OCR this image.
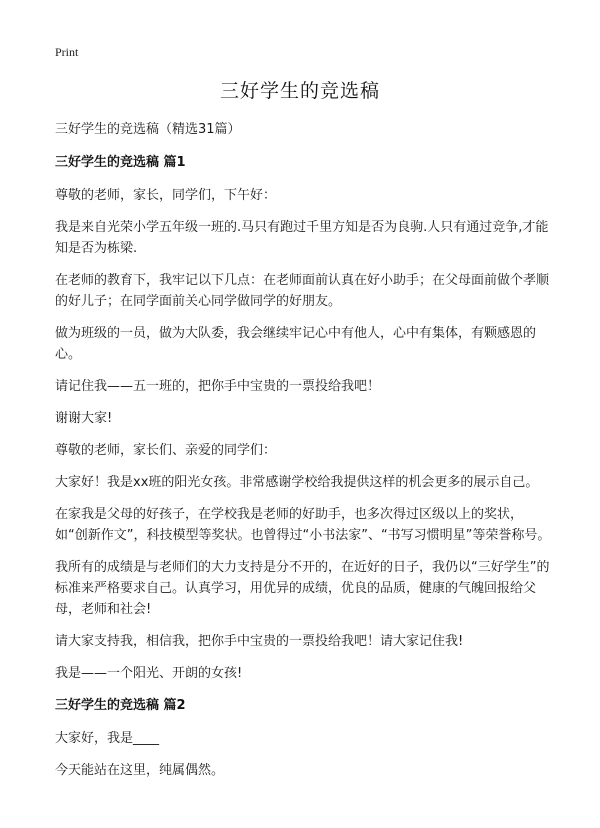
Print
三好学生的竞选稿

三好学生的竞选稿（精选31篇）

三好学生的竞选稿 篇1

尊敬的老师，家长，同学们，下午好：

我是来自光荣小学五年级一班的.马只有跑过千里方知是否为良驹.人只有通过竞争,才能知是否为栋梁.

在老师的教育下，我牢记以下几点：在老师面前认真在好小助手；在父母面前做个孝顺的好儿子；在同学面前关心同学做同学的好朋友。

做为班级的一员，做为大队委，我会继续牢记心中有他人，心中有集体，有颗感恩的心。

请记住我——五一班的，把你手中宝贵的一票投给我吧！

谢谢大家!

尊敬的老师，家长们、亲爱的同学们：

大家好！我是xx班的阳光女孩。非常感谢学校给我提供这样的机会更多的展示自己。

在家我是父母的好孩子，在学校我是老师的好助手，也多次得过区级以上的奖状，如“创新作文”，科技模型等奖状。也曾得过“小书法家”、“书写习惯明星”等荣誉称号。

我所有的成绩是与老师们的大力支持是分不开的，在近好的日子，我仍以“三好学生”的标准来严格要求自己。认真学习，用优异的成绩，优良的品质，健康的气魄回报给父母，老师和社会!

请大家支持我，相信我，把你手中宝贵的一票投给我吧！请大家记住我!

我是——一个阳光、开朗的女孩!

三好学生的竞选稿 篇2

大家好，我是____

今天能站在这里，纯属偶然。
